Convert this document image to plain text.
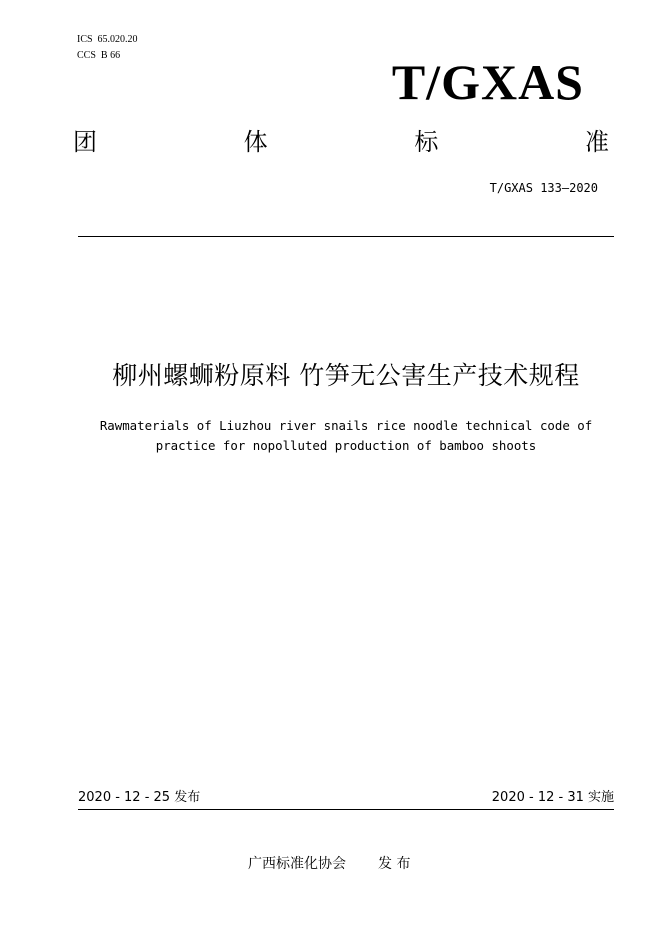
ICS  65.020.20
CCS  B 66	T/GXAS
团	体	标	准
T/GXAS 133—2020
柳州螺蛳粉原料 竹笋无公害生产技术规程
Rawmaterials of Liuzhou river snails rice noodle technical code of
practice for nopolluted production of bamboo shoots
2020 - 12 - 25 发布	2020 - 12 - 31 实施
广西标准化协会 发 布
